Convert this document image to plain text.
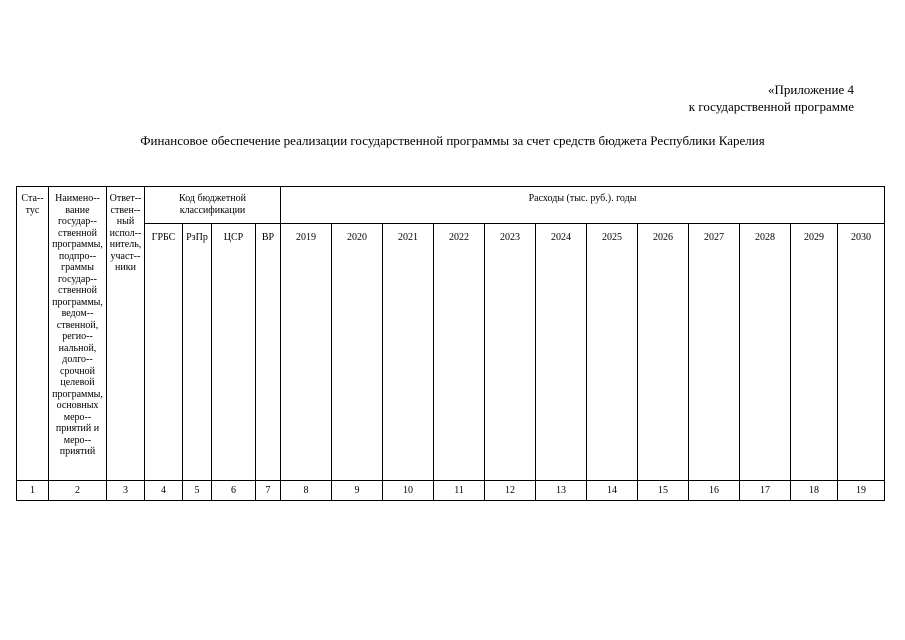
«Приложение 4
к государственной программе
Финансовое обеспечение реализации государственной программы за счет средств бюджета Республики Карелия
Ста-тус	Наимено-вание государ-ственной программы, подпро-граммы государ-ственной программы, ведом-ственной, регио-нальной, долго-срочной целевой программы, основных меро-приятий и меро-приятий	Ответ-ствен-ный испол-нитель, участ-ники	Код бюджетной классификации				Расходы (тыс. руб.). годы											
			ГРБС	РзПр	ЦСР	ВР	2019	2020	2021	2022	2023	2024	2025	2026	2027	2028	2029	2030
1	2	3	4	5	6	7	8	9	10	11	12	13	14	15	16	17	18	19
